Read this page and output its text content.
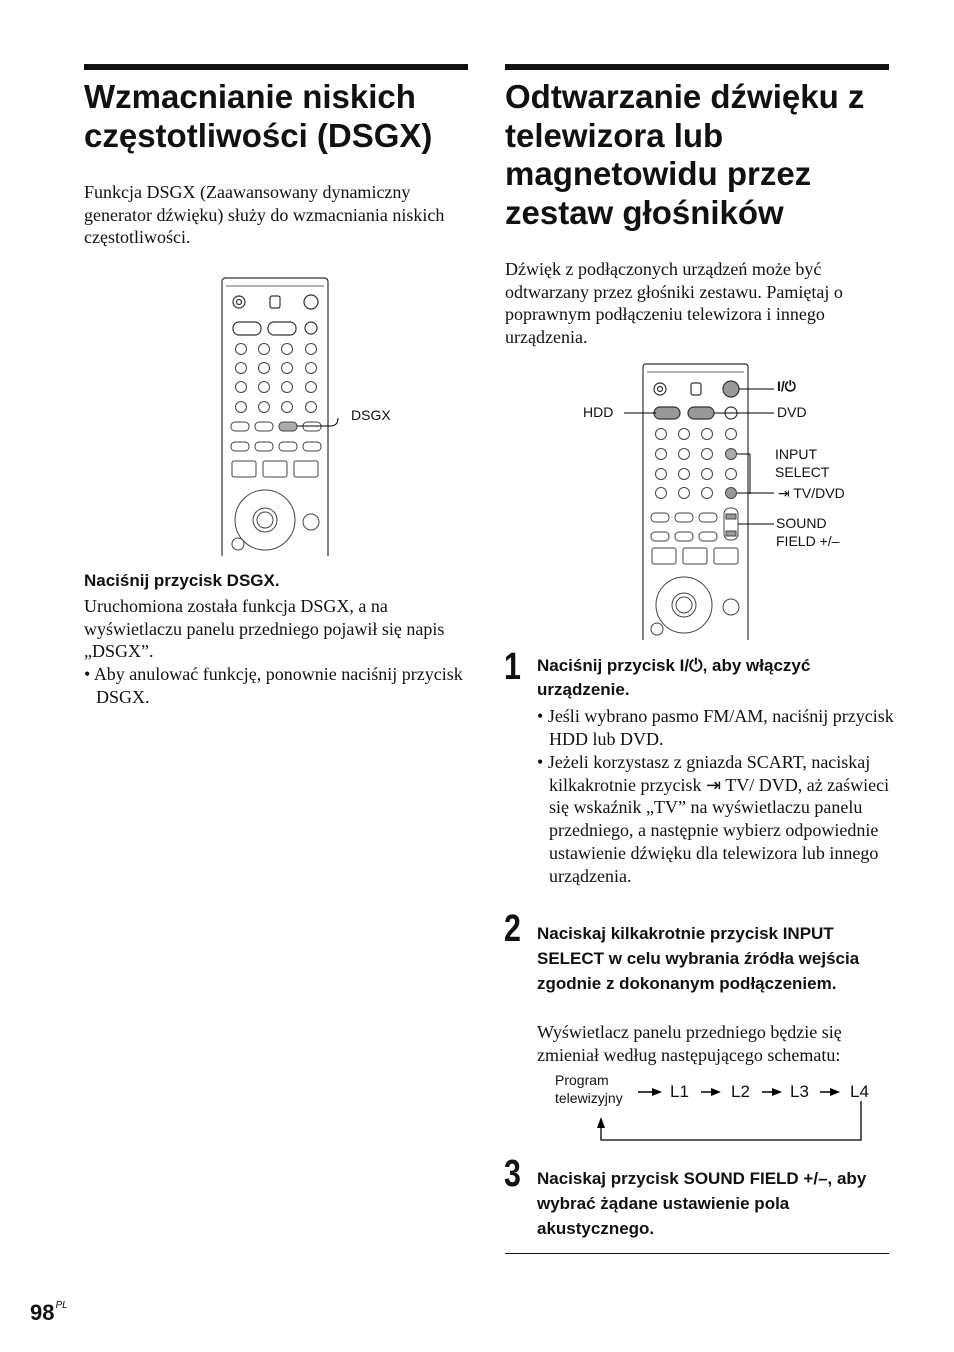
Wzmacnianie niskich częstotliwości (DSGX)

Funkcja DSGX (Zaawansowany dynamiczny generator dźwięku) służy do wzmacniania niskich częstotliwości.

DSGX

Naciśnij przycisk DSGX.

Uruchomiona została funkcja DSGX, a na wyświetlaczu panelu przedniego pojawił się napis „DSGX”.

• Aby anulować funkcję, ponownie naciśnij przycisk DSGX.

Odtwarzanie dźwięku z telewizora lub magnetowidu przez zestaw głośników

Dźwięk z podłączonych urządzeń może być odtwarzany przez głośniki zestawu. Pamiętaj o poprawnym podłączeniu telewizora i innego urządzenia.

I/⏻
HDD	DVD
INPUT
SELECT
⇥ TV/DVD
SOUND
FIELD +/–
1 Naciśnij przycisk I/⏻, aby włączyć urządzenie.

• Jeśli wybrano pasmo FM/AM, naciśnij przycisk HDD lub DVD.

• Jeżeli korzystasz z gniazda SCART, naciskaj kilkakrotnie przycisk ⇥ TV/ DVD, aż zaświeci się wskaźnik „TV” na wyświetlaczu panelu przedniego, a następnie wybierz odpowiednie ustawienie dźwięku dla telewizora lub innego urządzenia.

2 Naciskaj kilkakrotnie przycisk INPUT SELECT w celu wybrania źródła wejścia zgodnie z dokonanym podłączeniem.

Wyświetlacz panelu przedniego będzie się zmieniał według następującego schematu:

Program
telewizyjny	L1 L2 L3 L4
3 Naciskaj przycisk SOUND FIELD +/–, aby wybrać żądane ustawienie pola akustycznego.

$98^{PL}$
